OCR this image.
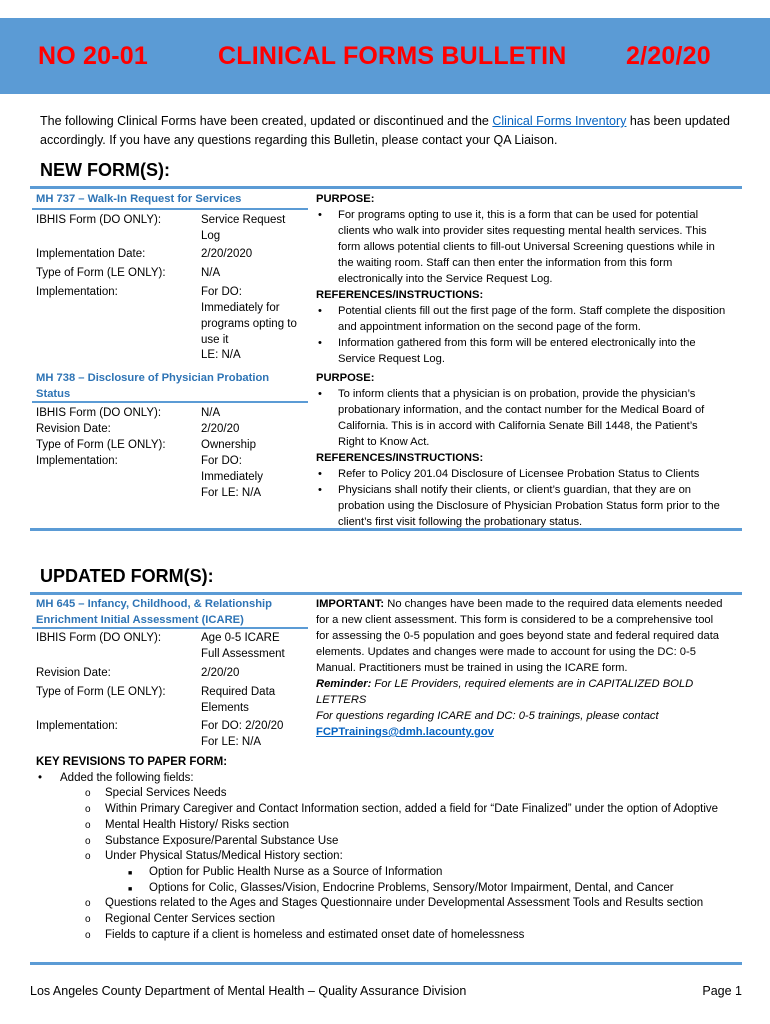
NO 20-01	CLINICAL FORMS BULLETIN 2/20/20

The following Clinical Forms have been created, updated or discontinued and the Clinical Forms Inventory has been updated accordingly. If you have any questions regarding this Bulletin, please contact your QA Liaison.

NEW FORM(S):
MH 737 – Walk-In Request for Services
IBHIS Form (DO ONLY):	Service Request Log
Implementation Date:	2/20/2020
Type of Form (LE ONLY):	N/A
Implementation:	For DO: Immediately for programs opting to use it
LE: N/A
PURPOSE:
• For programs opting to use it, this is a form that can be used for potential clients who walk into provider sites requesting mental health services. This form allows potential clients to fill-out Universal Screening questions while in the waiting room. Staff can then enter the information from this form electronically into the Service Request Log.
REFERENCES/INSTRUCTIONS:
• Potential clients fill out the first page of the form. Staff complete the disposition and appointment information on the second page of the form.
• Information gathered from this form will be entered electronically into the Service Request Log.
MH 738 – Disclosure of Physician Probation Status
IBHIS Form (DO ONLY):	N/A
Revision Date:	2/20/20
Type of Form (LE ONLY):	Ownership
Implementation:	For DO: Immediately
For LE: N/A
PURPOSE:
• To inform clients that a physician is on probation, provide the physician’s probationary information, and the contact number for the Medical Board of California. This is in accord with California Senate Bill 1448, the Patient’s Right to Know Act.
REFERENCES/INSTRUCTIONS:
• Refer to Policy 201.04 Disclosure of Licensee Probation Status to Clients
• Physicians shall notify their clients, or client’s guardian, that they are on

probation using the Disclosure of Physician Probation Status form prior to the client’s first visit following the probationary status.

UPDATED FORM(S):
MH 645 – Infancy, Childhood, & Relationship Enrichment Initial Assessment (ICARE)
IBHIS Form (DO ONLY):	Age 0-5 ICARE Full Assessment
Revision Date:	2/20/20
Type of Form (LE ONLY):	Required Data Elements
Implementation:	For DO: 2/20/20
For LE: N/A

IMPORTANT: No changes have been made to the required data elements needed for a new client assessment. This form is considered to be a comprehensive tool for assessing the 0-5 population and goes beyond state and federal required data elements. Updates and changes were made to account for using the DC: 0-5 Manual. Practitioners must be trained in using the ICARE form.

Reminder: For LE Providers, required elements are in CAPITALIZED BOLD LETTERS

For questions regarding ICARE and DC: 0-5 trainings, please contact

FCPTrainings@dmh.lacounty.gov

KEY REVISIONS TO PAPER FORM:
• Added the following fields:
o Special Services Needs
o Within Primary Caregiver and Contact Information section, added a field for “Date Finalized” under the option of Adoptive
o Mental Health History/ Risks section
o Substance Exposure/Parental Substance Use
o Under Physical Status/Medical History section:
■ Option for Public Health Nurse as a Source of Information
■ Options for Colic, Glasses/Vision, Endocrine Problems, Sensory/Motor Impairment, Dental, and Cancer
o Questions related to the Ages and Stages Questionnaire under Developmental Assessment Tools and Results section
o Regional Center Services section
o Fields to capture if a client is homeless and estimated onset date of homelessness
Los Angeles County Department of Mental Health – Quality Assurance Division	Page 1
